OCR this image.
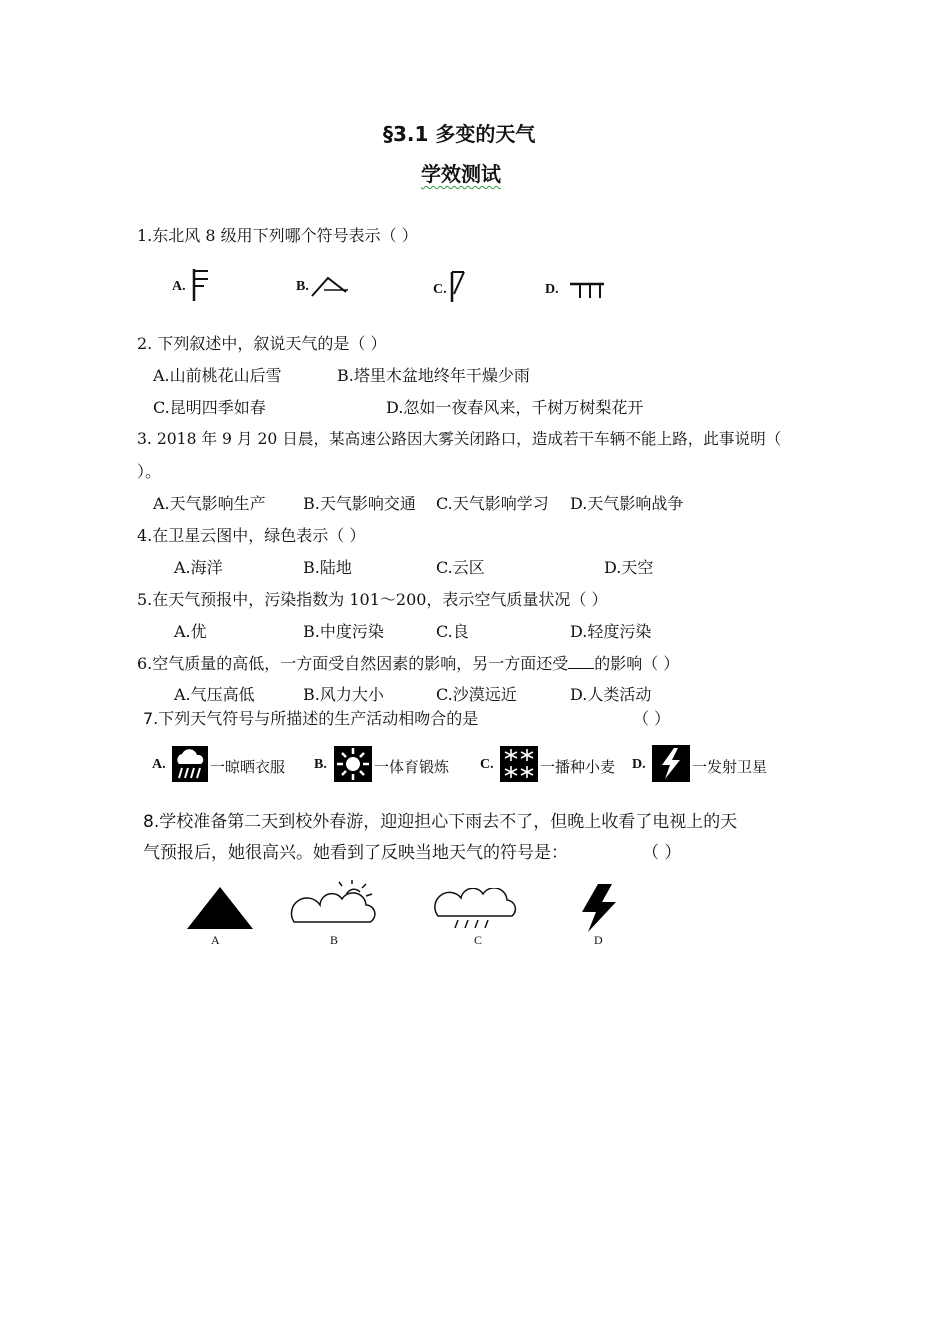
§3.1 多变的天气
学效测试
1.东北风 8 级用下列哪个符号表示（ ）
A.	B.	C.	D.
2. 下列叙述中，叙说天气的是（ ）
A.山前桃花山后雪	B.塔里木盆地终年干燥少雨
C.昆明四季如春	D.忽如一夜春风来，千树万树梨花开
3. 2018 年 9 月 20 日晨，某高速公路因大雾关闭路口，造成若干车辆不能上路，此事说明（
）。
A.天气影响生产 B.天气影响交通 C.天气影响学习 D.天气影响战争
4.在卫星云图中，绿色表示（ ）
A.海洋	B.陆地	C.云区	D.天空
5.在天气预报中，污染指数为 101～200，表示空气质量状况（ ）
A.优	B.中度污染	C.良	D.轻度污染
6.空气质量的高低，一方面受自然因素的影响，另一方面还受 的影响（ ）
A.气压高低	B.风力大小	C.沙漠远近	D.人类活动
7.下列天气符号与所描述的生产活动相吻合的是	（ ）
A.	一晾晒衣服 B.	一体育锻炼 C.	一播种小麦 D.	一发射卫星
8.学校准备第二天到校外春游，迎迎担心下雨去不了，但晚上收看了电视上的天
气预报后，她很高兴。她看到了反映当地天气的符号是：	（ ）
A	B	C	D
